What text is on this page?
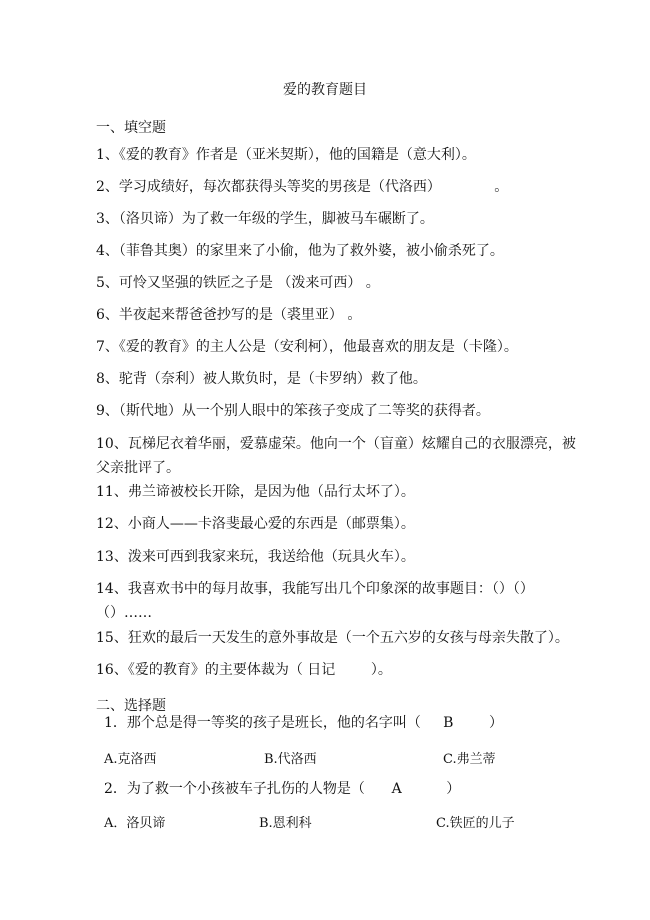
爱的教育题目
一、填空题
1、《爱的教育》作者是（亚米契斯），他的国籍是（意大利）。
2、学习成绩好，每次都获得头等奖的男孩是（代洛西）            。
3、（洛贝谛）为了救一年级的学生，脚被马车碾断了。
4、（菲鲁其奥）的家里来了小偷，他为了救外婆，被小偷杀死了。
5、可怜又坚强的铁匠之子是 （泼来可西） 。
6、半夜起来帮爸爸抄写的是（裘里亚） 。
7、《爱的教育》的主人公是（安利柯），他最喜欢的朋友是（卡隆）。
8、驼背（奈利）被人欺负时，是（卡罗纳）救了他。
9、（斯代地）从一个别人眼中的笨孩子变成了二等奖的获得者。
10、瓦梯尼衣着华丽，爱慕虚荣。他向一个（盲童）炫耀自己的衣服漂亮，被父亲批评了。
11、弗兰谛被校长开除，是因为他（品行太坏了）。
12、小商人——卡洛斐最心爱的东西是（邮票集）。
13、泼来可西到我家来玩，我送给他（玩具火车）。
14、我喜欢书中的每月故事，我能写出几个印象深的故事题目：（）（）（）……
15、狂欢的最后一天发生的意外事故是（一个五六岁的女孩与母亲失散了）。
16、《爱的教育》的主要体裁为（ 日记        ）。
二、选择题
1．那个总是得一等奖的孩子是班长，他的名字叫（     B        ）
A.克洛西	B.代洛西	C.弗兰蒂
2．为了救一个小孩被车子扎伤的人物是（      A          ）
A．洛贝谛	B.恩利科	C.铁匠的儿子
